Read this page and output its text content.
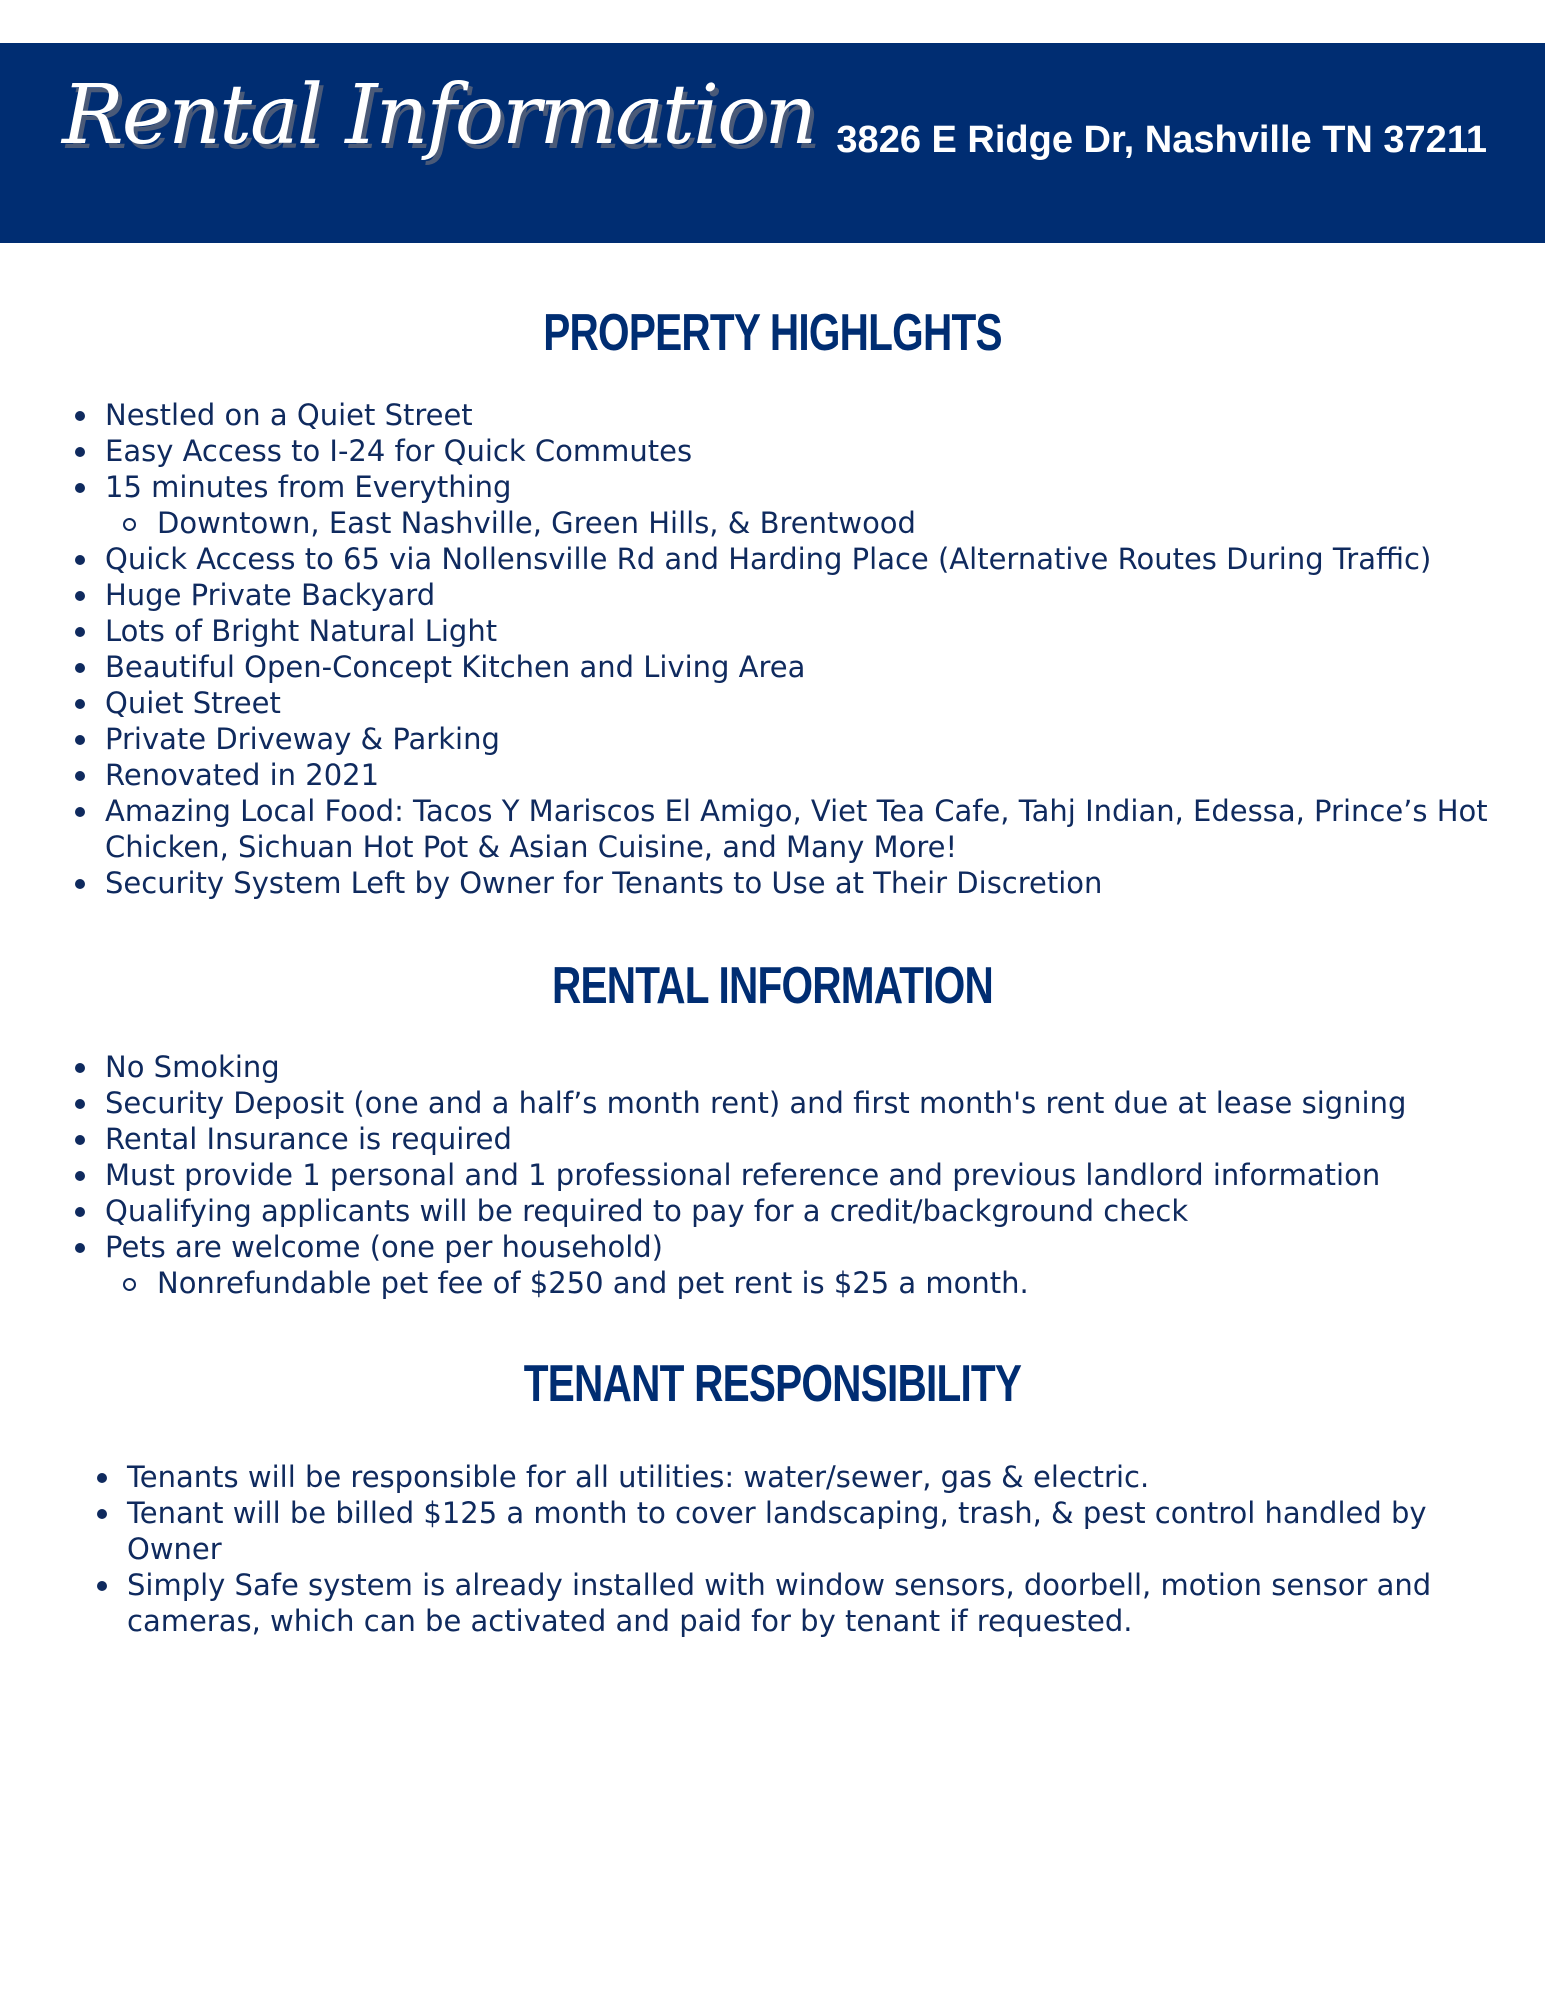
Rental Information 3826 E Ridge Dr, Nashville TN 37211
PROPERTY HIGHLGHTS
Nestled on a Quiet Street
Easy Access to I-24 for Quick Commutes
15 minutes from Everything
Downtown, East Nashville, Green Hills, & Brentwood
Quick Access to 65 via Nollensville Rd and Harding Place (Alternative Routes During Traffic)
Huge Private Backyard
Lots of Bright Natural Light
Beautiful Open-Concept Kitchen and Living Area
Quiet Street
Private Driveway & Parking
Renovated in 2021
Amazing Local Food: Tacos Y Mariscos El Amigo, Viet Tea Cafe, Tahj Indian, Edessa, Prince’s Hot Chicken, Sichuan Hot Pot & Asian Cuisine, and Many More!
Security System Left by Owner for Tenants to Use at Their Discretion
RENTAL INFORMATION
No Smoking
Security Deposit (one and a half’s month rent) and first month's rent due at lease signing
Rental Insurance is required
Must provide 1 personal and 1 professional reference and previous landlord information
Qualifying applicants will be required to pay for a credit/background check
Pets are welcome (one per household)
Nonrefundable pet fee of $250 and pet rent is $25 a month.
TENANT RESPONSIBILITY
Tenants will be responsible for all utilities: water/sewer, gas & electric.
Tenant will be billed $125 a month to cover landscaping, trash, & pest control handled by Owner
Simply Safe system is already installed with window sensors, doorbell, motion sensor and cameras, which can be activated and paid for by tenant if requested.
